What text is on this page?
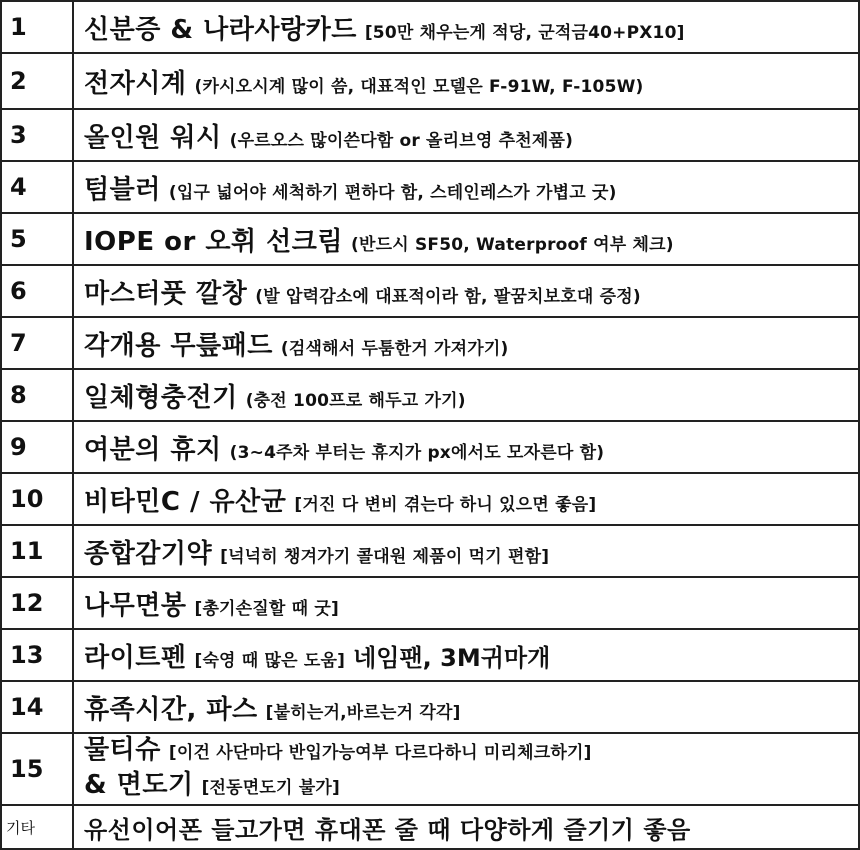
1	신분증 & 나라사랑카드 [50만 채우는게 적당, 군적금40+PX10]
2	전자시계 (카시오시계 많이 씀, 대표적인 모델은 F-91W, F-105W)
3	올인원 워시 (우르오스 많이쓴다함 or 올리브영 추천제품)
4	텀블러 (입구 넓어야 세척하기 편하다 함, 스테인레스가 가볍고 굿)
5	IOPE or 오휘 선크림 (반드시 SF50, Waterproof 여부 체크)
6	마스터풋 깔창 (발 압력감소에 대표적이라 함, 팔꿈치보호대 증정)
7	각개용 무릎패드 (검색해서 두툼한거 가져가기)
8	일체형충전기 (충전 100프로 해두고 가기)
9	여분의 휴지 (3~4주차 부터는 휴지가 px에서도 모자른다 함)
10	비타민C / 유산균 [거진 다 변비 겪는다 하니 있으면 좋음]
11	종합감기약 [넉넉히 챙겨가기 콜대원 제품이 먹기 편함]
12	나무면봉 [총기손질할 때 굿]
13	라이트펜 [숙영 때 많은 도움] 네임팬, 3M귀마개
14	휴족시간, 파스 [붙히는거,바르는거 각각]
15	물티슈 [이건 사단마다 반입가능여부 다르다하니 미리체크하기]
& 면도기 [전동면도기 불가]

기타	유선이어폰 들고가면 휴대폰 줄 때 다양하게 즐기기 좋음
